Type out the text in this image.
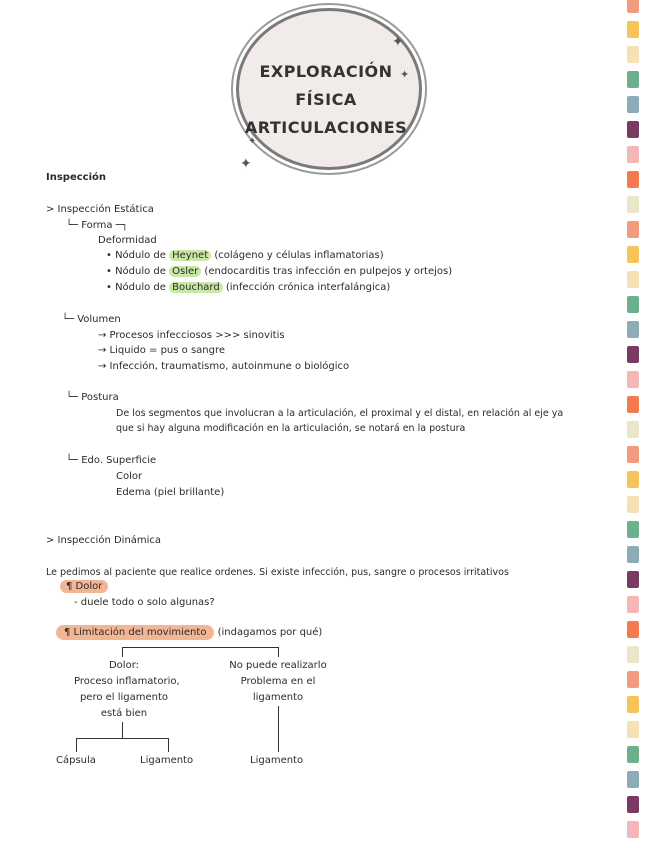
✦
✦
✦
✦
EXPLORACIÓN
FÍSICA
ARTICULACIONES
Inspección
> Inspección Estática
└─ Forma ─┐
Deformidad
• Nódulo de Heynet (colágeno y células inflamatorias)
• Nódulo de Osler (endocarditis tras infección en pulpejos y ortejos)
• Nódulo de Bouchard (infección crónica interfalángica)
└─ Volumen
→ Procesos infecciosos >>> sinovitis
→ Liquido = pus o sangre
→ Infección, traumatismo, autoinmune o biológico
└─ Postura
De los segmentos que involucran a la articulación, el proximal y el distal, en relación al eje ya
que si hay alguna modificación en la articulación, se notará en la postura
└─ Edo. Superficie
Color
Edema (piel brillante)
> Inspección Dinámica
Le pedimos al paciente que realice ordenes. Si existe infección, pus, sangre o procesos irritativos
¶ Dolor
- duele todo o solo algunas?
¶ Limitación del movimiento (indagamos por qué)
Dolor:
Proceso inflamatorio,
pero el ligamento
está bien
No puede realizarlo
Problema en el
ligamento
Cápsula	Ligamento	Ligamento
